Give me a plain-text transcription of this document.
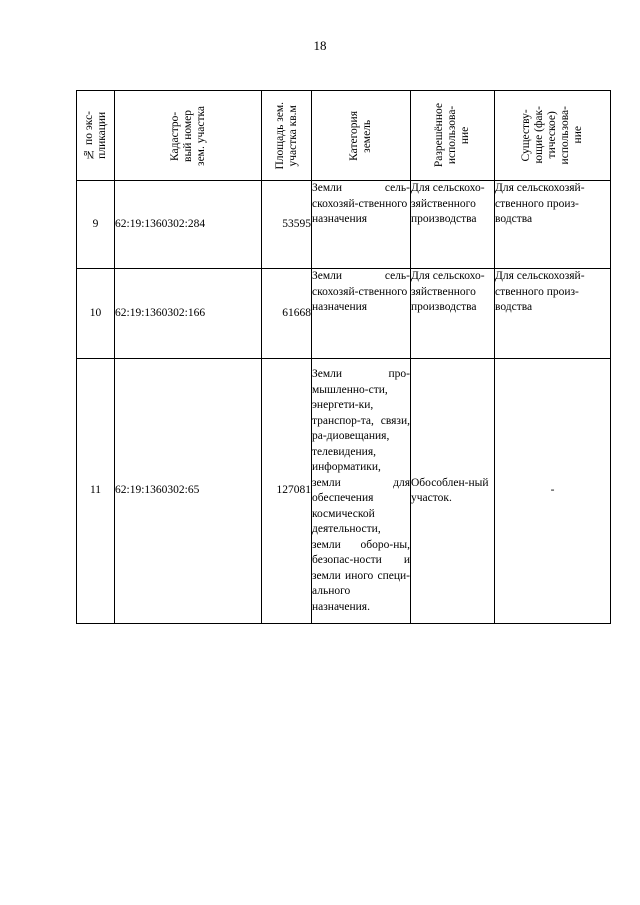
18
№ по экс-
пликации	Кадастро-
вый номер
зем. участка	Площадь зем.
участка кв.м	Категория
земель	Разрешённое
использова-
ние	Существу-
ющие (фак-
тическое)
использова-
ние

9	62:19:1360302:284	53595	Земли сель-скохозяй-ственного назначения	Для сельскохо-зяйственного производства	Для сельскохозяй-ственного произ-водства
10	62:19:1360302:166	61668	Земли сель-скохозяй-ственного назначения	Для сельскохо-зяйственного производства	Для сельскохозяй-ственного произ-водства
11	62:19:1360302:65	127081	Земли про-мышленно-сти, энергети-ки, транспор-та, связи, ра-диовещания, телевидения, информатики, земли для обеспечения космической деятельности, земли оборо-ны, безопас-ности и земли иного специ-ального назначения.	Обособлен-ный участок.	-
